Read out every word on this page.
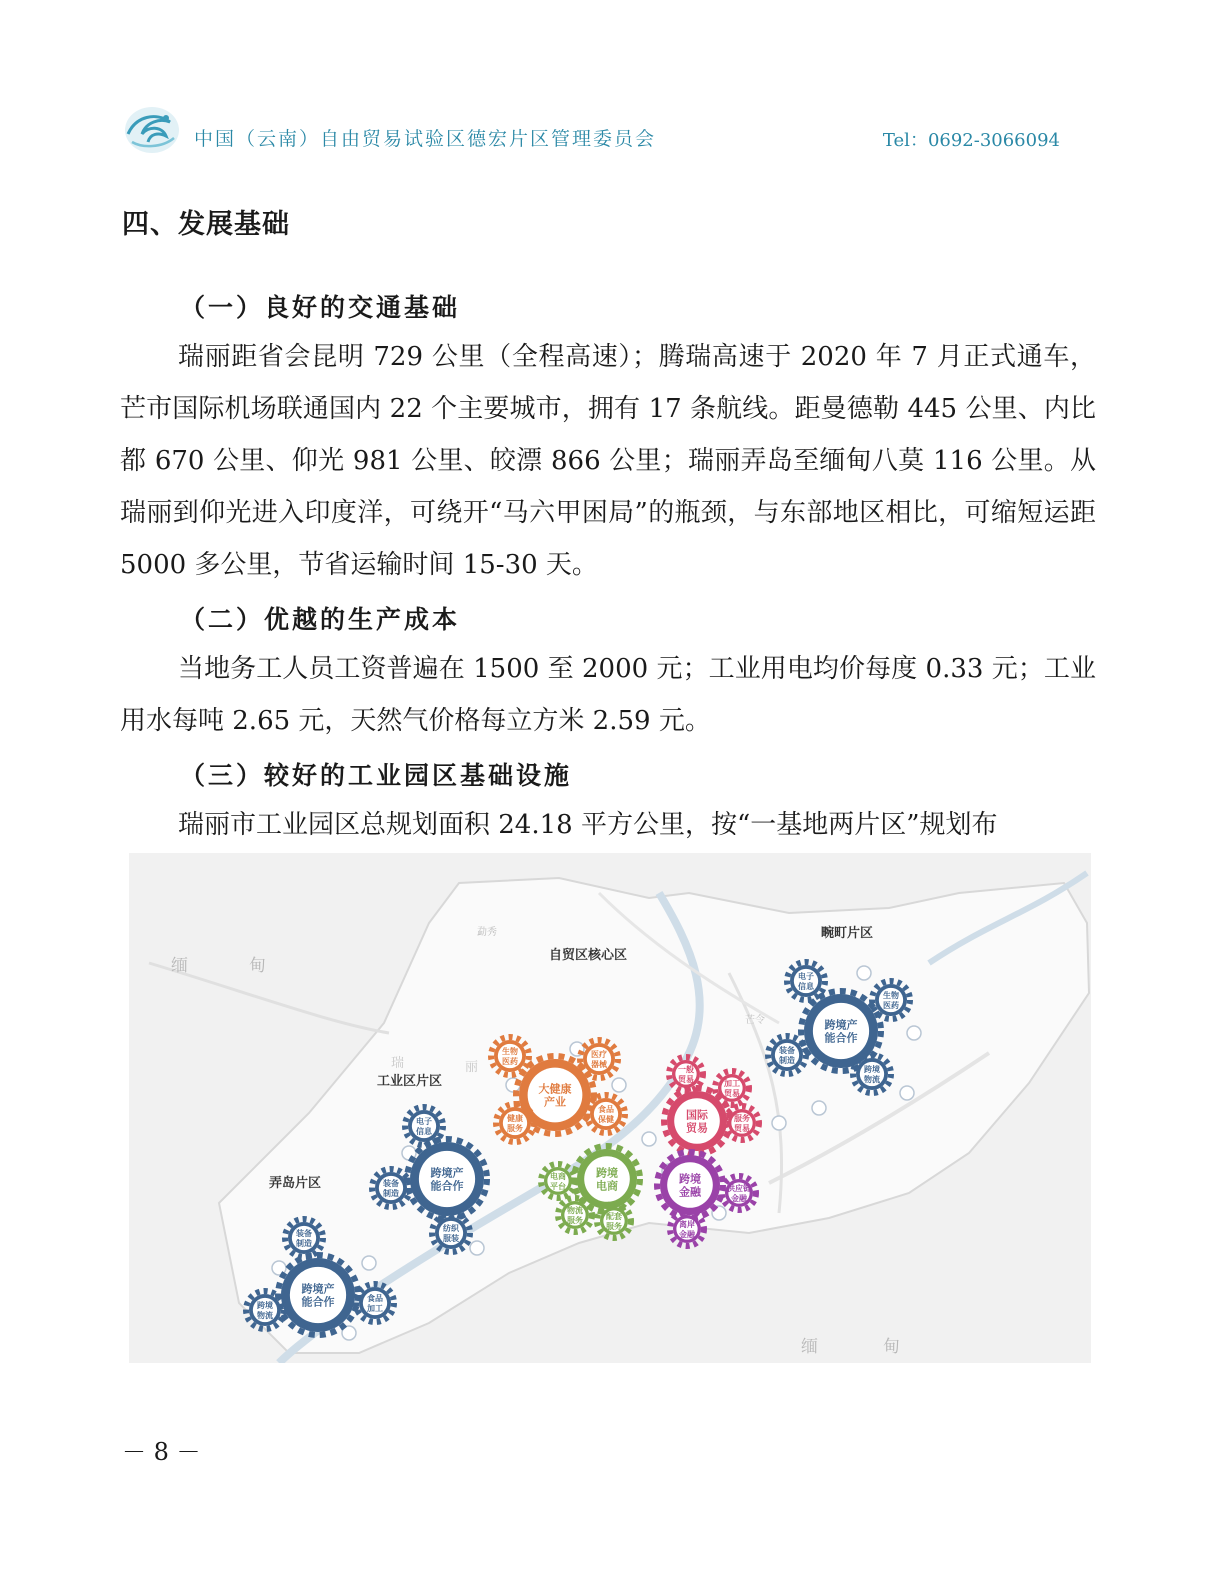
中国（云南）自由贸易试验区德宏片区管理委员会	Tel：0692-3066094
四、发展基础
（一）良好的交通基础
瑞丽距省会昆明 729 公里（全程高速）；腾瑞高速于 2020 年 7 月正式通车，芒市国际机场联通国内 22 个主要城市，拥有 17 条航线。距曼德勒 445 公里、内比都 670 公里、仰光 981 公里、皎漂 866 公里；瑞丽弄岛至缅甸八莫 116 公里。从瑞丽到仰光进入印度洋，可绕开“马六甲困局”的瓶颈，与东部地区相比，可缩短运距 5000 多公里，节省运输时间 15-30 天。
（二）优越的生产成本
当地务工人员工资普遍在 1500 至 2000 元；工业用电均价每度 0.33 元；工业用水每吨 2.65 元，天然气价格每立方米 2.59 元。
（三）较好的工业园区基础设施
瑞丽市工业园区总规划面积 24.18 平方公里，按“一基地两片区”规划布
缅	甸
缅	甸
勐秀
瑞	丽
芒令
自贸区核心区
工业区片区
弄岛片区
畹町片区
大健康产业
生物医药
医疗器械
健康服务
食品保健
一般贸易	加工贸易
国际贸易
服务贸易
跨境电商
电商平台
物流服务	配套服务
跨境金融	供应链金融
离岸金融
跨境产能合作
电子信息
装备制造
纺织服装
跨境产能合作
电子信息
生物医药
装备制造
跨境物流
跨境产能合作
装备制造
跨境物流
食品加工
－ 8 －
